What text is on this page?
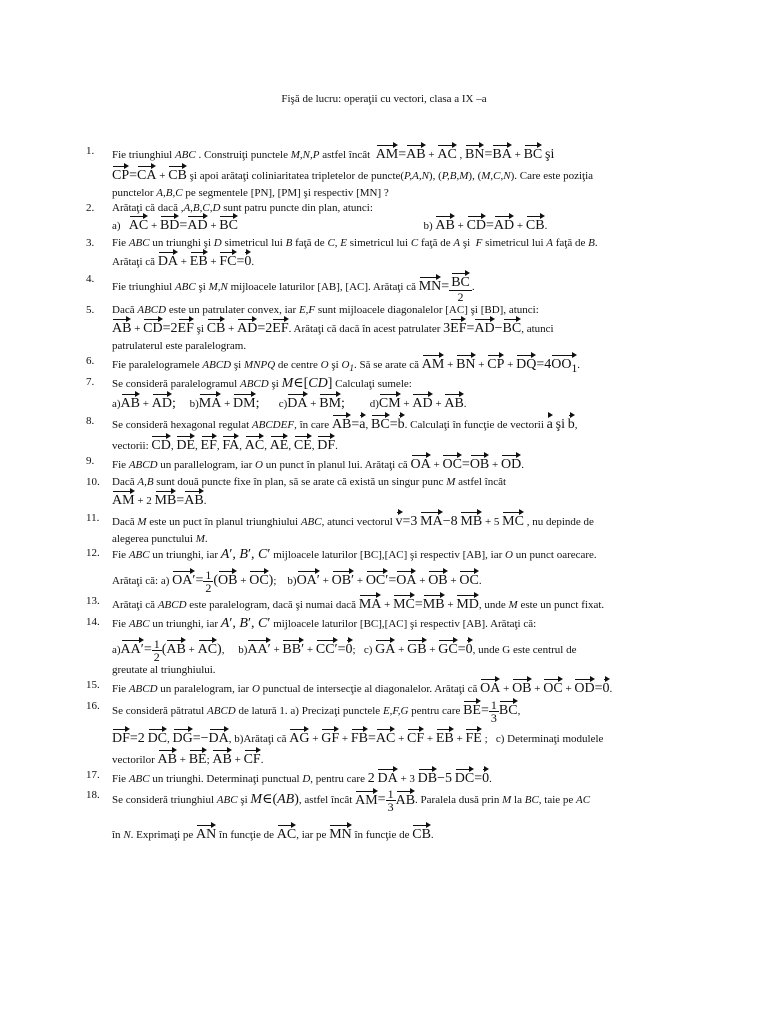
Fişă de lucru: operaţii cu vectori, clasa a IX –a
1. Fie triunghiul ABC . Construiţi punctele M,N,P astfel încât AM=AB + AC , BN=BA + BC şi
CP=CA + CB şi apoi arătaţi coliniaritatea tripletelor de puncte(P,A,N), (P,B,M), (M,C,N). Care este poziţia
punctelor A,B,C pe segmentele [PN], [PM] şi respectiv [MN] ?
2. Arătaţi că dacă ,A,B,C,D sunt patru puncte din plan, atunci:
a) AC + BD=AD + BC	b) AB + CD=AD + CB.
3. Fie ABC un triunghi şi D simetricul lui B faţă de C, E simetricul lui C faţă de A şi  F simetricul lui A faţă de B.
Arătaţi că DA + EB + FC=0.
4.
Fie triunghiul ABC şi M,N mijloacele laturilor [AB], [AC]. Arătaţi că $MN= \frac{BC}{2}$ .
5. Dacă ABCD este un patrulater convex, iar E,F sunt mijloacele diagonalelor [AC] şi [BD], atunci:
AB + CD=2EF şi CB + AD=2EF. Arătaţi că dacă în acest patrulater 3EF=AD−BC, atunci
patrulaterul este paralelogram.
6. Fie paralelogramele ABCD şi MNPQ de centre O şi $O_1$. Să se arate că AM + BN + CP + $DQ=4OO_1$.
7. Se consideră paralelogramul ABCD şi M∈[CD] Calculaţi sumele:
a)AB + AD; b)MA + DM; c)DA + BM; d)CM + AD + AB.
8. Se consideră hexagonal regulat ABCDEF, în care AB=a, BC=b. Calculaţi în funcţie de vectorii a şi b,
vectorii: CD, DE, EF, FA, AC, AE, CE, DF.
9. Fie ABCD un parallelogram, iar O un punct în planul lui. Arătaţi că OA + OC=OB + OD.
10. Dacă A,B sunt două puncte fixe în plan, să se arate că există un singur punc M astfel încât
AM + 2 MB=AB.
11. Dacă M este un puct în planul triunghiului ABC, atunci vectorul v=3 MA−8 MB + 5 MC , nu depinde de
alegerea punctului M.
12. Fie ABC un triunghi, iar A′, B′, C′ mijloacele laturilor [BC],[AC] şi respectiv [AB], iar O un punct oarecare.
Arătaţi că: a) $OA'= \frac{1}{2} (OB + OC)$;    b)OA′ + OB′ + OC′=OA + OB + OC.
13. Arătaţi că ABCD este paralelogram, dacă şi numai dacă MA + MC=MB + MD, unde M este un punct fixat.
14. Fie ABC un triunghi, iar A′, B′, C′ mijloacele laturilor [BC],[AC] şi respectiv [AB]. Arătaţi că:
$a)AA'= \frac{1}{2} (AB + AC)$,     b)AA′ + BB′ + CC′=0;   c) GA + GB + GC=0, unde G este centrul de
greutate al triunghiului.
15. Fie ABCD un paralelogram, iar O punctual de intersecţie al diagonalelor. Arătaţi că OA + OB + OC + OD=0.
16. Se consideră pătratul ABCD de latură 1. a) Precizaţi punctele E,F,G pentru care $BE= \frac{1}{3}$ BC,
DF=2 DC, DG=−DA, b)Arătaţi că AG + GF + FB=AC + CF + EB + FE ;   c) Determinaţi modulele
vectorilor AB + BE; AB + CF.
17. Fie ABC un triunghi. Determinaţi punctual D, pentru care 2 DA + 3 DB−5 DC=0.
18. Se consideră triunghiul ABC şi M∈(AB), astfel încât $AM= \frac{1}{3}$ AB. Paralela dusă prin M la BC, taie pe AC
în N. Exprimaţi pe AN în funcţie de AC, iar pe MN în funcţie de CB.
